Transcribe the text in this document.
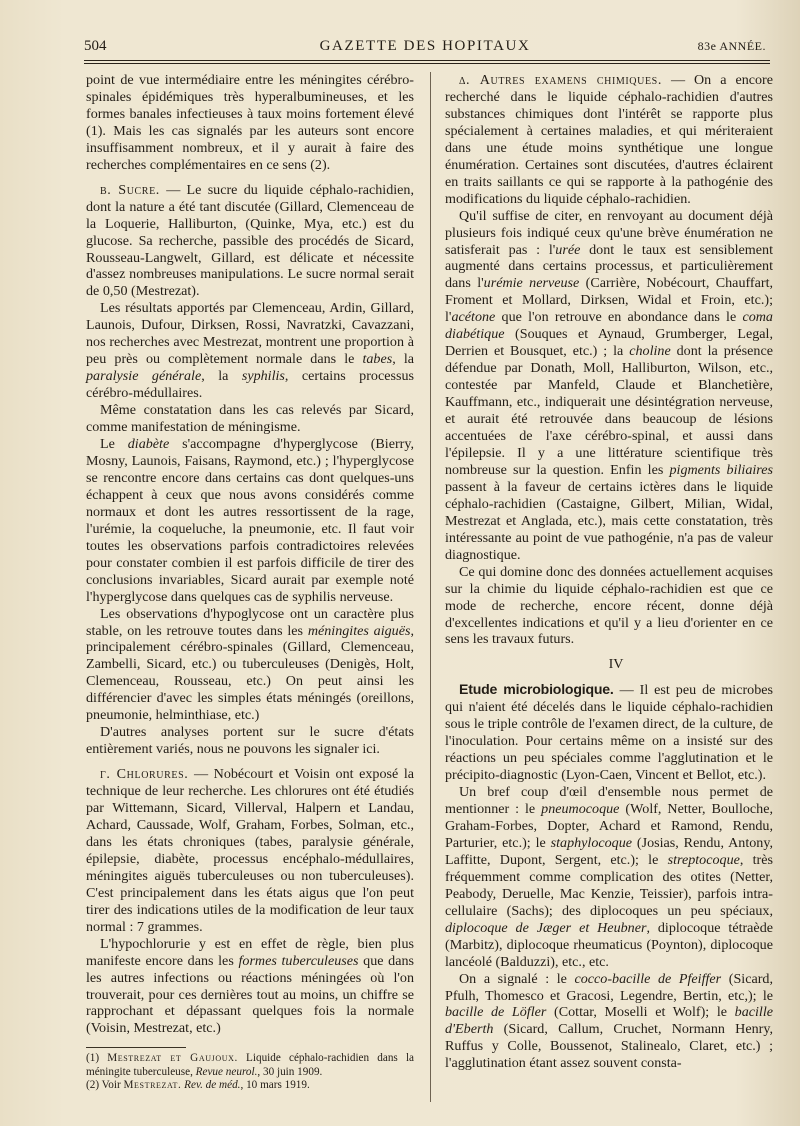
504	GAZETTE DES HOPITAUX	83e ANNÉE.

point de vue intermédiaire entre les méningites cérébro-spinales épidémiques très hyperalbumineuses, et les formes banales infectieuses à taux moins fortement élevé (1). Mais les cas signalés par les auteurs sont encore insuffisamment nombreux, et il y aurait à faire des recherches complémentaires en ce sens (2).

β. Sucre. — Le sucre du liquide céphalo-rachidien, dont la nature a été tant discutée (Gillard, Clemenceau de la Loquerie, Halliburton, (Quinke, Mya, etc.) est du glucose. Sa recherche, passible des procédés de Sicard, Rousseau-Langwelt, Gillard, est délicate et nécessite d'assez nombreuses manipulations. Le sucre normal serait de 0,50 (Mestrezat).

Les résultats apportés par Clemenceau, Ardin, Gillard, Launois, Dufour, Dirksen, Rossi, Navratzki, Cavazzani, nos recherches avec Mestrezat, montrent une proportion à peu près ou complètement normale dans le tabes, la paralysie générale, la syphilis, certains processus cérébro-médullaires.

Même constatation dans les cas relevés par Sicard, comme manifestation de méningisme.

Le diabète s'accompagne d'hyperglycose (Bierry, Mosny, Launois, Faisans, Raymond, etc.) ; l'hyperglycose se rencontre encore dans certains cas dont quelques-uns échappent à ceux que nous avons considérés comme normaux et dont les autres ressortissent de la rage, l'urémie, la coqueluche, la pneumonie, etc. Il faut voir toutes les observations parfois contradictoires relevées pour constater combien il est parfois difficile de tirer des conclusions invariables, Sicard aurait par exemple noté l'hyperglycose dans quelques cas de syphilis nerveuse.

Les observations d'hypoglycose ont un caractère plus stable, on les retrouve toutes dans les méningites aiguës, principalement cérébro-spinales (Gillard, Clemenceau, Zambelli, Sicard, etc.) ou tuberculeuses (Denigès, Holt, Clemenceau, Rousseau, etc.) On peut ainsi les différencier d'avec les simples états méningés (oreillons, pneumonie, helminthiase, etc.)

D'autres analyses portent sur le sucre d'états entièrement variés, nous ne pouvons les signaler ici.

γ. Chlorures. — Nobécourt et Voisin ont exposé la technique de leur recherche. Les chlorures ont été étudiés par Wittemann, Sicard, Villerval, Halpern et Landau, Achard, Caussade, Wolf, Graham, Forbes, Solman, etc., dans les états chroniques (tabes, paralysie générale, épilepsie, diabète, processus encéphalo-médullaires, méningites aiguës tuberculeuses ou non tuberculeuses). C'est principalement dans les états aigus que l'on peut tirer des indications utiles de la modification de leur taux normal : 7 grammes.

L'hypochlorurie y est en effet de règle, bien plus manifeste encore dans les formes tuberculeuses que dans les autres infections ou réactions méningées où l'on trouverait, pour ces dernières tout au moins, un chiffre se rapprochant et dépassant quelques fois la normale (Voisin, Mestrezat, etc.)

(1) Mestrezat et Gaujoux. Liquide céphalo-rachidien dans la méningite tuberculeuse, Revue neurol., 30 juin 1909.

(2) Voir Mestrezat. Rev. de méd., 10 mars 1919.

δ. Autres examens chimiques. — On a encore recherché dans le liquide céphalo-rachidien d'autres substances chimiques dont l'intérêt se rapporte plus spécialement à certaines maladies, et qui mériteraient dans une étude moins synthétique une longue énumération. Certaines sont discutées, d'autres éclairent en traits saillants ce qui se rapporte à la pathogénie des modifications du liquide céphalo-rachidien.

Qu'il suffise de citer, en renvoyant au document déjà plusieurs fois indiqué ceux qu'une brève énumération ne satisferait pas : l'urée dont le taux est sensiblement augmenté dans certains processus, et particulièrement dans l'urémie nerveuse (Carrière, Nobécourt, Chauffart, Froment et Mollard, Dirksen, Widal et Froin, etc.); l'acétone que l'on retrouve en abondance dans le coma diabétique (Souques et Aynaud, Grumberger, Legal, Derrien et Bousquet, etc.) ; la choline dont la présence défendue par Donath, Moll, Halliburton, Wilson, etc., contestée par Manfeld, Claude et Blanchetière, Kauffmann, etc., indiquerait une désintégration nerveuse, et aurait été retrouvée dans beaucoup de lésions accentuées de l'axe cérébro-spinal, et aussi dans l'épilepsie. Il y a une littérature scientifique très nombreuse sur la question. Enfin les pigments biliaires passent à la faveur de certains ictères dans le liquide céphalo-rachidien (Castaigne, Gilbert, Milian, Widal, Mestrezat et Anglada, etc.), mais cette constatation, très intéressante au point de vue pathogénie, n'a pas de valeur diagnostique.

Ce qui domine donc des données actuellement acquises sur la chimie du liquide céphalo-rachidien est que ce mode de recherche, encore récent, donne déjà d'excellentes indications et qu'il y a lieu d'orienter en ce sens les travaux futurs.

IV

Etude microbiologique. — Il est peu de microbes qui n'aient été décelés dans le liquide céphalo-rachidien sous le triple contrôle de l'examen direct, de la culture, de l'inoculation. Pour certains même on a insisté sur des réactions un peu spéciales comme l'agglutination et le précipito-diagnostic (Lyon-Caen, Vincent et Bellot, etc.).

Un bref coup d'œil d'ensemble nous permet de mentionner : le pneumocoque (Wolf, Netter, Boulloche, Graham-Forbes, Dopter, Achard et Ramond, Rendu, Parturier, etc.); le staphylocoque (Josias, Rendu, Antony, Laffitte, Dupont, Sergent, etc.); le streptocoque, très fréquemment comme complication des otites (Netter, Peabody, Deruelle, Mac Kenzie, Teissier), parfois intra-cellulaire (Sachs); des diplocoques un peu spéciaux, diplocoque de Jæger et Heubner, diplocoque tétraède (Marbitz), diplocoque rheumaticus (Poynton), diplocoque lancéolé (Balduzzi), etc., etc.

On a signalé : le cocco-bacille de Pfeiffer (Sicard, Pfulh, Thomesco et Gracosi, Legendre, Bertin, etc,); le bacille de Löfler (Cottar, Moselli et Wolf); le bacille d'Eberth (Sicard, Callum, Cruchet, Normann Henry, Ruffus y Colle, Boussenot, Stalinealo, Claret, etc.) ; l'agglutination étant assez souvent consta-
